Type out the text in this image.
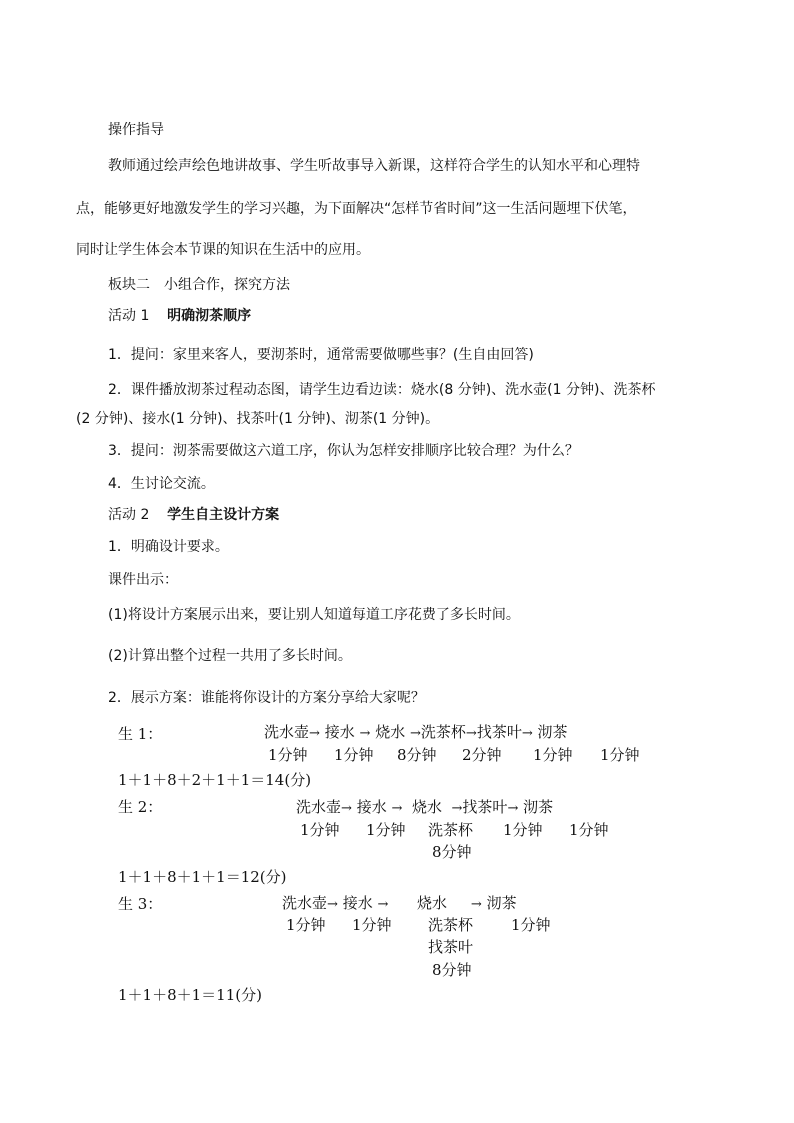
操作指导
教师通过绘声绘色地讲故事、学生听故事导入新课，这样符合学生的认知水平和心理特
点，能够更好地激发学生的学习兴趣，为下面解决“怎样节省时间”这一生活问题埋下伏笔，
同时让学生体会本节课的知识在生活中的应用。
板块二　小组合作，探究方法
活动 1 明确沏茶顺序
1．提问：家里来客人，要沏茶时，通常需要做哪些事？(生自由回答)
2．课件播放沏茶过程动态图，请学生边看边读：烧水(8 分钟)、洗水壶(1 分钟)、洗茶杯
(2 分钟)、接水(1 分钟)、找茶叶(1 分钟)、沏茶(1 分钟)。
3．提问：沏茶需要做这六道工序，你认为怎样安排顺序比较合理？为什么？
4．生讨论交流。
活动 2 学生自主设计方案
1．明确设计要求。
课件出示：
(1)将设计方案展示出来，要让别人知道每道工序花费了多长时间。
(2)计算出整个过程一共用了多长时间。
2．展示方案：谁能将你设计的方案分享给大家呢？
生 1：	洗水壶→ 接水 → 烧水 →洗茶杯→找茶叶→ 沏茶
1分钟 1分钟 8分钟 2分钟 1分钟 1分钟
1＋1＋8＋2＋1＋1＝14(分)
生 2：	洗水壶→ 接水 → 烧水 →找茶叶→ 沏茶
1分钟 1分钟 洗茶杯 1分钟 1分钟
8分钟
1＋1＋8＋1＋1＝12(分)
生 3：	洗水壶→ 接水 → 烧水 → 沏茶
1分钟 1分钟 洗茶杯	1分钟
找茶叶
8分钟
1＋1＋8＋1＝11(分)
